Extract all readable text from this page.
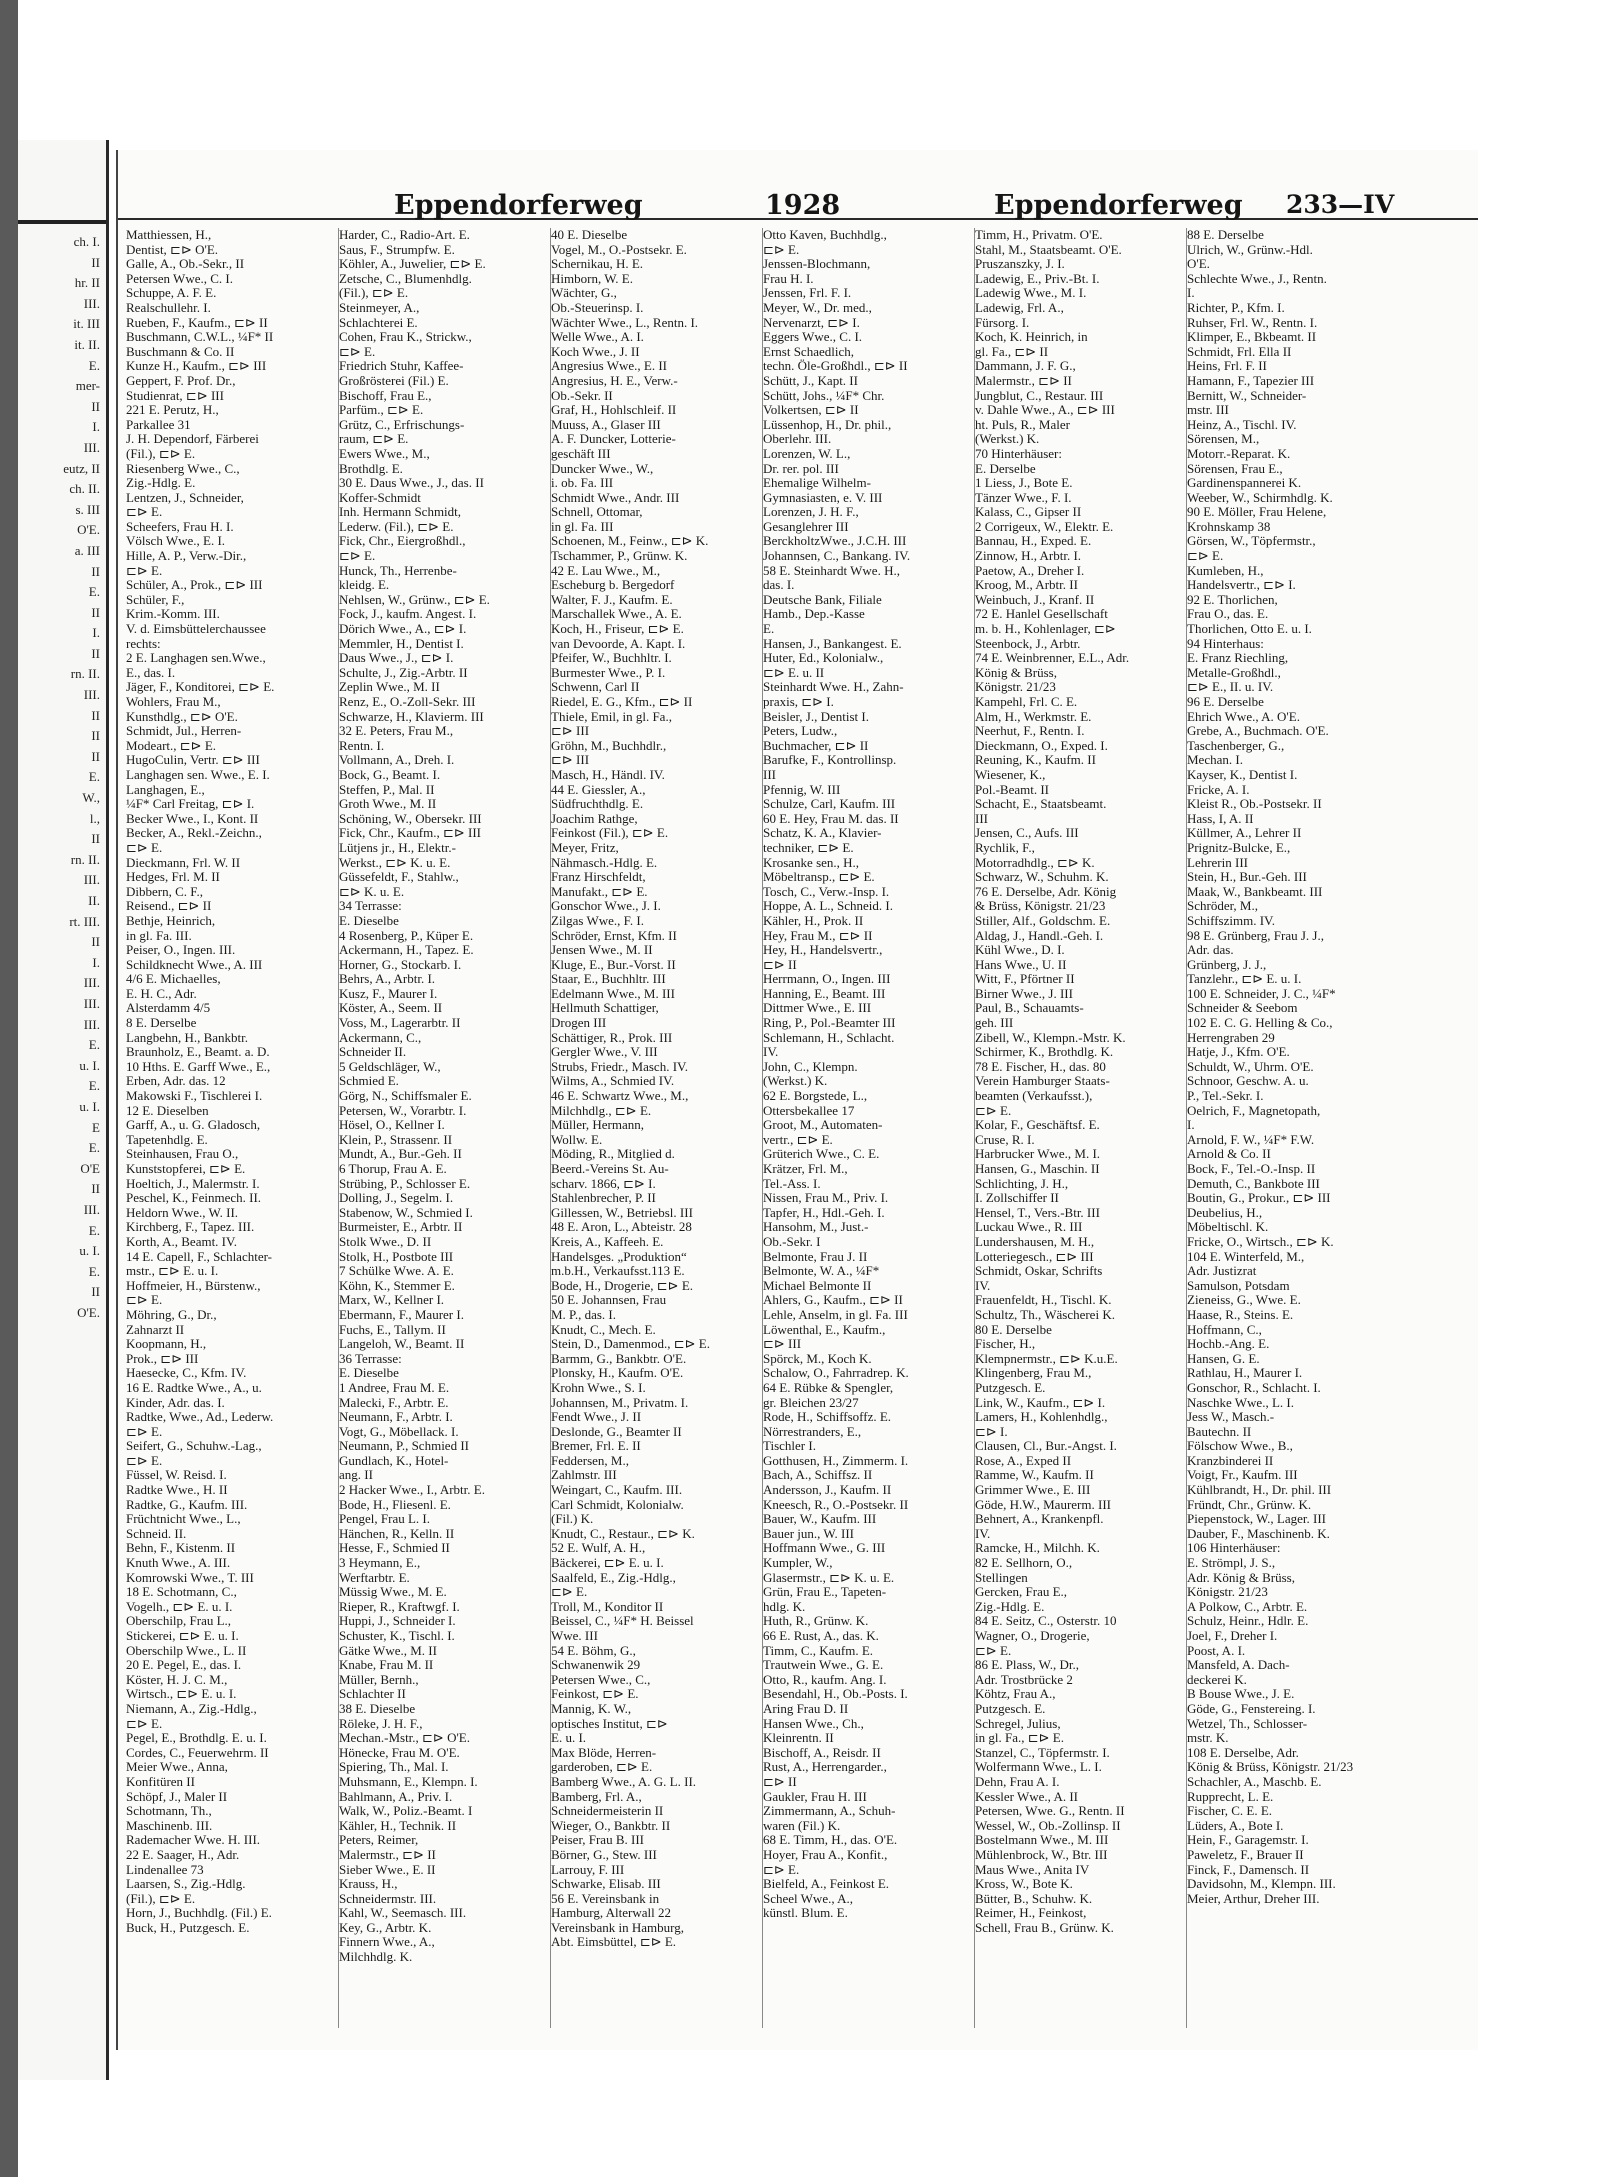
ch. I.
II
hr. II
III.
it. III
it. II.
E.
mer-
II
I.
III.
eutz, II
ch. II.
s. III
O'E.
a. III
II
E.
II
I.
II
rn. II.
III.
II
II
II
E.
W.,
l.,
II
rn. II.
III.
II.
rt. III.
II
I.
III.
III.
III.
E.
u. I.
E.
u. I.
E
E.
O'E
II
III.
E.
u. I.
E.
II
O'E.
Eppendorferweg	1928	Eppendorferweg 233—IV
Matthiessen, H.,
Dentist, ⊏⊳ O'E.
Galle, A., Ob.-Sekr., II
Petersen Wwe., C. I.
Schuppe, A. F. E.
Realschullehr. I.
Rueben, F., Kaufm., ⊏⊳ II
Buschmann, C.W.L., ¼F* II
Buschmann & Co. II
Kunze H., Kaufm., ⊏⊳ III
Geppert, F. Prof. Dr.,
Studienrat, ⊏⊳ III
221 E. Perutz, H.,
Parkallee 31
J. H. Dependorf, Färberei
(Fil.), ⊏⊳ E.
Riesenberg Wwe., C.,
Zig.-Hdlg. E.
Lentzen, J., Schneider,
⊏⊳ E.
Scheefers, Frau H. I.
Völsch Wwe., E. I.
Hille, A. P., Verw.-Dir.,
⊏⊳ E.
Schüler, A., Prok., ⊏⊳ III
Schüler, F.,
Krim.-Komm. III.
V. d. Eimsbüttelerchaussee
rechts:
2 E. Langhagen sen.Wwe.,
E., das. I.
Jäger, F., Konditorei, ⊏⊳ E.
Wohlers, Frau M.,
Kunsthdlg., ⊏⊳ O'E.
Schmidt, Jul., Herren-
Modeart., ⊏⊳ E.
HugoCulin, Vertr. ⊏⊳ III
Langhagen sen. Wwe., E. I.
Langhagen, E.,
¼F* Carl Freitag, ⊏⊳ I.
Becker Wwe., I., Kont. II
Becker, A., Rekl.-Zeichn.,
⊏⊳ E.
Dieckmann, Frl. W. II
Hedges, Frl. M. II
Dibbern, C. F.,
Reisend., ⊏⊳ II
Bethje, Heinrich,
in gl. Fa. III.
Peiser, O., Ingen. III.
Schildknecht Wwe., A. III
4/6 E. Michaelles,
E. H. C., Adr.
Alsterdamm 4/5
8 E. Derselbe
Langbehn, H., Bankbtr.
Braunholz, E., Beamt. a. D.
10 Hths. E. Garff Wwe., E.,
Erben, Adr. das. 12
Makowski F., Tischlerei I.
12 E. Dieselben
Garff, A., u. G. Gladosch,
Tapetenhdlg. E.
Steinhausen, Frau O.,
Kunststopferei, ⊏⊳ E.
Hoeltich, J., Malermstr. I.
Peschel, K., Feinmech. II.
Heldorn Wwe., W. II.
Kirchberg, F., Tapez. III.
Korth, A., Beamt. IV.
14 E. Capell, F., Schlachter-
mstr., ⊏⊳ E. u. I.
Hoffmeier, H., Bürstenw.,
⊏⊳ E.
Möhring, G., Dr.,
Zahnarzt II
Koopmann, H.,
Prok., ⊏⊳ III
Haesecke, C., Kfm. IV.
16 E. Radtke Wwe., A., u.
Kinder, Adr. das. I.
Radtke, Wwe., Ad., Lederw.
⊏⊳ E.
Seifert, G., Schuhw.-Lag.,
⊏⊳ E.
Füssel, W. Reisd. I.
Radtke Wwe., H. II
Radtke, G., Kaufm. III.
Früchtnicht Wwe., L.,
Schneid. II.
Behn, F., Kistenm. II
Knuth Wwe., A. III.
Komrowski Wwe., T. III
18 E. Schotmann, C.,
Vogelh., ⊏⊳ E. u. I.
Oberschilp, Frau L.,
Stickerei, ⊏⊳ E. u. I.
Oberschilp Wwe., L. II
20 E. Pegel, E., das. I.
Köster, H. J. C. M.,
Wirtsch., ⊏⊳ E. u. I.
Niemann, A., Zig.-Hdlg.,
⊏⊳ E.
Pegel, E., Brothdlg. E. u. I.
Cordes, C., Feuerwehrm. II
Meier Wwe., Anna,
Konfitüren II
Schöpf, J., Maler II
Schotmann, Th.,
Maschinenb. III.
Rademacher Wwe. H. III.
22 E. Saager, H., Adr.
Lindenallee 73
Laarsen, S., Zig.-Hdlg.
(Fil.), ⊏⊳ E.
Horn, J., Buchhdlg. (Fil.) E.
Buck, H., Putzgesch. E.
Harder, C., Radio-Art. E.
Saus, F., Strumpfw. E.
Köhler, A., Juwelier, ⊏⊳ E.
Zetsche, C., Blumenhdlg.
(Fil.), ⊏⊳ E.
Steinmeyer, A.,
Schlachterei E.
Cohen, Frau K., Strickw.,
⊏⊳ E.
Friedrich Stuhr, Kaffee-
Großrösterei (Fil.) E.
Bischoff, Frau E.,
Parfüm., ⊏⊳ E.
Grütz, C., Erfrischungs-
raum, ⊏⊳ E.
Ewers Wwe., M.,
Brothdlg. E.
30 E. Daus Wwe., J., das. II
Koffer-Schmidt
Inh. Hermann Schmidt,
Lederw. (Fil.), ⊏⊳ E.
Fick, Chr., Eiergroßhdl.,
⊏⊳ E.
Hunck, Th., Herrenbe-
kleidg. E.
Nehlsen, W., Grünw., ⊏⊳ E.
Fock, J., kaufm. Angest. I.
Dörich Wwe., A., ⊏⊳ I.
Memmler, H., Dentist I.
Daus Wwe., J., ⊏⊳ I.
Schulte, J., Zig.-Arbtr. II
Zeplin Wwe., M. II
Renz, E., O.-Zoll-Sekr. III
Schwarze, H., Klavierm. III
32 E. Peters, Frau M.,
Rentn. I.
Vollmann, A., Dreh. I.
Bock, G., Beamt. I.
Steffen, P., Mal. II
Groth Wwe., M. II
Schöning, W., Obersekr. III
Fick, Chr., Kaufm., ⊏⊳ III
Lütjens jr., H., Elektr.-
Werkst., ⊏⊳ K. u. E.
Güssefeldt, F., Stahlw.,
⊏⊳ K. u. E.
34 Terrasse:
E. Dieselbe
4 Rosenberg, P., Küper E.
Ackermann, H., Tapez. E.
Horner, G., Stockarb. I.
Behrs, A., Arbtr. I.
Kusz, F., Maurer I.
Köster, A., Seem. II
Voss, M., Lagerarbtr. II
Ackermann, C.,
Schneider II.
5 Geldschläger, W.,
Schmied E.
Görg, N., Schiffsmaler E.
Petersen, W., Vorarbtr. I.
Hösel, O., Kellner I.
Klein, P., Strassenr. II
Mundt, A., Bur.-Geh. II
6 Thorup, Frau A. E.
Strübing, P., Schlosser E.
Dolling, J., Segelm. I.
Stabenow, W., Schmied I.
Burmeister, E., Arbtr. II
Stolk Wwe., D. II
Stolk, H., Postbote III
7 Schülke Wwe. A. E.
Köhn, K., Stemmer E.
Marx, W., Kellner I.
Ebermann, F., Maurer I.
Fuchs, E., Tallym. II
Langeloh, W., Beamt. II
36 Terrasse:
E. Dieselbe
1 Andree, Frau M. E.
Malecki, F., Arbtr. E.
Neumann, F., Arbtr. I.
Vogt, G., Möbellack. I.
Neumann, P., Schmied II
Gundlach, K., Hotel-
ang. II
2 Hacker Wwe., I., Arbtr. E.
Bode, H., Fliesenl. E.
Pengel, Frau L. I.
Hänchen, R., Kelln. II
Hesse, F., Schmied II
3 Heymann, E.,
Werftarbtr. E.
Müssig Wwe., M. E.
Rieper, R., Kraftwgf. I.
Huppi, J., Schneider I.
Schuster, K., Tischl. I.
Gätke Wwe., M. II
Knabe, Frau M. II
Müller, Bernh.,
Schlachter II
38 E. Dieselbe
Röleke, J. H. F.,
Mechan.-Mstr., ⊏⊳ O'E.
Hönecke, Frau M. O'E.
Spiering, Th., Mal. I.
Muhsmann, E., Klempn. I.
Bahlmann, A., Priv. I.
Walk, W., Poliz.-Beamt. I
Kähler, H., Technik. II
Peters, Reimer,
Malermstr., ⊏⊳ II
Sieber Wwe., E. II
Krauss, H.,
Schneidermstr. III.
Kahl, W., Seemasch. III.
Key, G., Arbtr. K.
Finnern Wwe., A.,
Milchhdlg. K.
40 E. Dieselbe
Vogel, M., O.-Postsekr. E.
Schernikau, H. E.
Himborn, W. E.
Wächter, G.,
Ob.-Steuerinsp. I.
Wächter Wwe., L., Rentn. I.
Welle Wwe., A. I.
Koch Wwe., J. II
Angresius Wwe., E. II
Angresius, H. E., Verw.-
Ob.-Sekr. II
Graf, H., Hohlschleif. II
Muuss, A., Glaser III
A. F. Duncker, Lotterie-
geschäft III
Duncker Wwe., W.,
i. ob. Fa. III
Schmidt Wwe., Andr. III
Schnell, Ottomar,
in gl. Fa. III
Schoenen, M., Feinw., ⊏⊳ K.
Tschammer, P., Grünw. K.
42 E. Lau Wwe., M.,
Escheburg b. Bergedorf
Walter, F. J., Kaufm. E.
Marschallek Wwe., A. E.
Koch, H., Friseur, ⊏⊳ E.
van Devoorde, A. Kapt. I.
Pfeifer, W., Buchhltr. I.
Burmester Wwe., P. I.
Schwenn, Carl II
Riedel, E. G., Kfm., ⊏⊳ II
Thiele, Emil, in gl. Fa.,
⊏⊳ III
Gröhn, M., Buchhdlr.,
⊏⊳ III
Masch, H., Händl. IV.
44 E. Giessler, A.,
Südfruchthdlg. E.
Joachim Rathge,
Feinkost (Fil.), ⊏⊳ E.
Meyer, Fritz,
Nähmasch.-Hdlg. E.
Franz Hirschfeldt,
Manufakt., ⊏⊳ E.
Gonschor Wwe., J. I.
Zilgas Wwe., F. I.
Schröder, Ernst, Kfm. II
Jensen Wwe., M. II
Kluge, E., Bur.-Vorst. II
Staar, E., Buchhltr. III
Edelmann Wwe., M. III
Hellmuth Schattiger,
Drogen III
Schättiger, R., Prok. III
Gergler Wwe., V. III
Strubs, Friedr., Masch. IV.
Wilms, A., Schmied IV.
46 E. Schwartz Wwe., M.,
Milchhdlg., ⊏⊳ E.
Müller, Hermann,
Wollw. E.
Möding, R., Mitglied d.
Beerd.-Vereins St. Au-
scharv. 1866, ⊏⊳ I.
Stahlenbrecher, P. II
Gillessen, W., Betriebsl. III
48 E. Aron, L., Abteistr. 28
Kreis, A., Kaffeeh. E.
Handelsges. „Produktion“
m.b.H., Verkaufsst.113 E.
Bode, H., Drogerie, ⊏⊳ E.
50 E. Johannsen, Frau
M. P., das. I.
Knudt, C., Mech. E.
Stein, D., Damenmod., ⊏⊳ E.
Barmm, G., Bankbtr. O'E.
Plonsky, H., Kaufm. O'E.
Krohn Wwe., S. I.
Johannsen, M., Privatm. I.
Fendt Wwe., J. II
Deslonde, G., Beamter II
Bremer, Frl. E. II
Feddersen, M.,
Zahlmstr. III
Weingart, C., Kaufm. III.
Carl Schmidt, Kolonialw.
(Fil.) K.
Knudt, C., Restaur., ⊏⊳ K.
52 E. Wulf, A. H.,
Bäckerei, ⊏⊳ E. u. I.
Saalfeld, E., Zig.-Hdlg.,
⊏⊳ E.
Troll, M., Konditor II
Beissel, C., ¼F* H. Beissel
Wwe. III
54 E. Böhm, G.,
Schwanenwik 29
Petersen Wwe., C.,
Feinkost, ⊏⊳ E.
Mannig, K. W.,
optisches Institut, ⊏⊳
E. u. I.
Max Blöde, Herren-
garderoben, ⊏⊳ E.
Bamberg Wwe., A. G. L. II.
Bamberg, Frl. A.,
Schneidermeisterin II
Wieger, O., Bankbtr. II
Peiser, Frau B. III
Börner, G., Stew. III
Larrouy, F. III
Schwarke, Elisab. III
56 E. Vereinsbank in
Hamburg, Alterwall 22
Vereinsbank in Hamburg,
Abt. Eimsbüttel, ⊏⊳ E.
Otto Kaven, Buchhdlg.,
⊏⊳ E.
Jenssen-Blochmann,
Frau H. I.
Jenssen, Frl. F. I.
Meyer, W., Dr. med.,
Nervenarzt, ⊏⊳ I.
Eggers Wwe., C. I.
Ernst Schaedlich,
techn. Öle-Großhdl., ⊏⊳ II
Schütt, J., Kapt. II
Schütt, Johs., ¼F* Chr.
Volkertsen, ⊏⊳ II
Lüssenhop, H., Dr. phil.,
Oberlehr. III.
Lorenzen, W. L.,
Dr. rer. pol. III
Ehemalige Wilhelm-
Gymnasiasten, e. V. III
Lorenzen, J. H. F.,
Gesanglehrer III
BerckholtzWwe., J.C.H. III
Johannsen, C., Bankang. IV.
58 E. Steinhardt Wwe. H.,
das. I.
Deutsche Bank, Filiale
Hamb., Dep.-Kasse
E.
Hansen, J., Bankangest. E.
Huter, Ed., Kolonialw.,
⊏⊳ E. u. II
Steinhardt Wwe. H., Zahn-
praxis, ⊏⊳ I.
Beisler, J., Dentist I.
Peters, Ludw.,
Buchmacher, ⊏⊳ II
Barufke, F., Kontrollinsp.
III
Pfennig, W. III
Schulze, Carl, Kaufm. III
60 E. Hey, Frau M. das. II
Schatz, K. A., Klavier-
techniker, ⊏⊳ E.
Krosanke sen., H.,
Möbeltransp., ⊏⊳ E.
Tosch, C., Verw.-Insp. I.
Hoppe, A. L., Schneid. I.
Kähler, H., Prok. II
Hey, Frau M., ⊏⊳ II
Hey, H., Handelsvertr.,
⊏⊳ II
Herrmann, O., Ingen. III
Hanning, E., Beamt. III
Dittmer Wwe., E. III
Ring, P., Pol.-Beamter III
Schlemann, H., Schlacht.
IV.
John, C., Klempn.
(Werkst.) K.
62 E. Borgstede, L.,
Ottersbekallee 17
Groot, M., Automaten-
vertr., ⊏⊳ E.
Grüterich Wwe., C. E.
Krätzer, Frl. M.,
Tel.-Ass. I.
Nissen, Frau M., Priv. I.
Tapfer, H., Hdl.-Geh. I.
Hansohm, M., Just.-
Ob.-Sekr. I
Belmonte, Frau J. II
Belmonte, W. A., ¼F*
Michael Belmonte II
Ahlers, G., Kaufm., ⊏⊳ II
Lehle, Anselm, in gl. Fa. III
Löwenthal, E., Kaufm.,
⊏⊳ III
Spörck, M., Koch K.
Schalow, O., Fahrradrep. K.
64 E. Rübke & Spengler,
gr. Bleichen 23/27
Rode, H., Schiffsoffz. E.
Nörrestranders, E.,
Tischler I.
Gotthusen, H., Zimmerm. I.
Bach, A., Schiffsz. II
Andersson, J., Kaufm. II
Kneesch, R., O.-Postsekr. II
Bauer, W., Kaufm. III
Bauer jun., W. III
Hoffmann Wwe., G. III
Kumpler, W.,
Glasermstr., ⊏⊳ K. u. E.
Grün, Frau E., Tapeten-
hdlg. K.
Huth, R., Grünw. K.
66 E. Rust, A., das. K.
Timm, C., Kaufm. E.
Trautwein Wwe., G. E.
Otto, R., kaufm. Ang. I.
Besendahl, H., Ob.-Posts. I.
Aring Frau D. II
Hansen Wwe., Ch.,
Kleinrentn. II
Bischoff, A., Reisdr. II
Rust, A., Herrengarder.,
⊏⊳ II
Gaukler, Frau H. III
Zimmermann, A., Schuh-
waren (Fil.) K.
68 E. Timm, H., das. O'E.
Hoyer, Frau A., Konfit.,
⊏⊳ E.
Bielfeld, A., Feinkost E.
Scheel Wwe., A.,
künstl. Blum. E.
Timm, H., Privatm. O'E.
Stahl, M., Staatsbeamt. O'E.
Pruszanszky, J. I.
Ladewig, E., Priv.-Bt. I.
Ladewig Wwe., M. I.
Ladewig, Frl. A.,
Fürsorg. I.
Koch, K. Heinrich, in
gl. Fa., ⊏⊳ II
Dammann, J. F. G.,
Malermstr., ⊏⊳ II
Jungblut, C., Restaur. III
v. Dahle Wwe., A., ⊏⊳ III
ht. Puls, R., Maler
(Werkst.) K.
70 Hinterhäuser:
E. Derselbe
1 Liess, J., Bote E.
Tänzer Wwe., F. I.
Kalass, C., Gipser II
2 Corrigeux, W., Elektr. E.
Bannau, H., Exped. E.
Zinnow, H., Arbtr. I.
Paetow, A., Dreher I.
Kroog, M., Arbtr. II
Weinbuch, J., Kranf. II
72 E. Hanlel Gesellschaft
m. b. H., Kohlenlager, ⊏⊳
Steenbock, J., Arbtr.
74 E. Weinbrenner, E.L., Adr.
König & Brüss,
Königstr. 21/23
Kampehl, Frl. C. E.
Alm, H., Werkmstr. E.
Neerhut, F., Rentn. I.
Dieckmann, O., Exped. I.
Reuning, K., Kaufm. II
Wiesener, K.,
Pol.-Beamt. II
Schacht, E., Staatsbeamt.
III
Jensen, C., Aufs. III
Rychlik, F.,
Motorradhdlg., ⊏⊳ K.
Schwarz, W., Schuhm. K.
76 E. Derselbe, Adr. König
& Brüss, Königstr. 21/23
Stiller, Alf., Goldschm. E.
Aldag, J., Handl.-Geh. I.
Kühl Wwe., D. I.
Hans Wwe., U. II
Witt, F., Pförtner II
Birner Wwe., J. III
Paul, B., Schauamts-
geh. III
Zibell, W., Klempn.-Mstr. K.
Schirmer, K., Brothdlg. K.
78 E. Fischer, H., das. 80
Verein Hamburger Staats-
beamten (Verkaufsst.),
⊏⊳ E.
Kolar, F., Geschäftsf. E.
Cruse, R. I.
Harbrucker Wwe., M. I.
Hansen, G., Maschin. II
Schlichting, J. H.,
I. Zollschiffer II
Hensel, T., Vers.-Btr. III
Luckau Wwe., R. III
Lundershausen, M. H.,
Lotteriegesch., ⊏⊳ III
Schmidt, Oskar, Schrifts
IV.
Frauenfeldt, H., Tischl. K.
Schultz, Th., Wäscherei K.
80 E. Derselbe
Fischer, H.,
Klempnermstr., ⊏⊳ K.u.E.
Klingenberg, Frau M.,
Putzgesch. E.
Link, W., Kaufm., ⊏⊳ I.
Lamers, H., Kohlenhdlg.,
⊏⊳ I.
Clausen, Cl., Bur.-Angst. I.
Rose, A., Exped II
Ramme, W., Kaufm. II
Grimmer Wwe., E. III
Göde, H.W., Maurerm. III
Behnert, A., Krankenpfl.
IV.
Ramcke, H., Milchh. K.
82 E. Sellhorn, O.,
Stellingen
Gercken, Frau E.,
Zig.-Hdlg. E.
84 E. Seitz, C., Osterstr. 10
Wagner, O., Drogerie,
⊏⊳ E.
86 E. Plass, W., Dr.,
Adr. Trostbrücke 2
Köhtz, Frau A.,
Putzgesch. E.
Schregel, Julius,
in gl. Fa., ⊏⊳ E.
Stanzel, C., Töpfermstr. I.
Wolfermann Wwe., L. I.
Dehn, Frau A. I.
Kessler Wwe., A. II
Petersen, Wwe. G., Rentn. II
Wessel, W., Ob.-Zollinsp. II
Bostelmann Wwe., M. III
Mühlenbrock, W., Btr. III
Maus Wwe., Anita IV
Kross, W., Bote K.
Bütter, B., Schuhw. K.
Reimer, H., Feinkost,
Schell, Frau B., Grünw. K.
88 E. Derselbe
Ulrich, W., Grünw.-Hdl.
O'E.
Schlechte Wwe., J., Rentn.
I.
Richter, P., Kfm. I.
Ruhser, Frl. W., Rentn. I.
Klimper, E., Bkbeamt. II
Schmidt, Frl. Ella II
Heins, Frl. F. II
Hamann, F., Tapezier III
Bernitt, W., Schneider-
mstr. III
Heinz, A., Tischl. IV.
Sörensen, M.,
Motorr.-Reparat. K.
Sörensen, Frau E.,
Gardinenspannerei K.
Weeber, W., Schirmhdlg. K.
90 E. Möller, Frau Helene,
Krohnskamp 38
Görsen, W., Töpfermstr.,
⊏⊳ E.
Kumleben, H.,
Handelsvertr., ⊏⊳ I.
92 E. Thorlichen,
Frau O., das. E.
Thorlichen, Otto E. u. I.
94 Hinterhaus:
E. Franz Riechling,
Metalle-Großhdl.,
⊏⊳ E., II. u. IV.
96 E. Derselbe
Ehrich Wwe., A. O'E.
Grebe, A., Buchmach. O'E.
Taschenberger, G.,
Mechan. I.
Kayser, K., Dentist I.
Fricke, A. I.
Kleist R., Ob.-Postsekr. II
Hass, I, A. II
Küllmer, A., Lehrer II
Prignitz-Bulcke, E.,
Lehrerin III
Stein, H., Bur.-Geh. III
Maak, W., Bankbeamt. III
Schröder, M.,
Schiffszimm. IV.
98 E. Grünberg, Frau J. J.,
Adr. das.
Grünberg, J. J.,
Tanzlehr., ⊏⊳ E. u. I.
100 E. Schneider, J. C., ¼F*
Schneider & Seebom
102 E. C. G. Helling & Co.,
Herrengraben 29
Hatje, J., Kfm. O'E.
Schuldt, W., Uhrm. O'E.
Schnoor, Geschw. A. u.
P., Tel.-Sekr. I.
Oelrich, F., Magnetopath,
I.
Arnold, F. W., ¼F* F.W.
Arnold & Co. II
Bock, F., Tel.-O.-Insp. II
Demuth, C., Bankbote III
Boutin, G., Prokur., ⊏⊳ III
Deubelius, H.,
Möbeltischl. K.
Fricke, O., Wirtsch., ⊏⊳ K.
104 E. Winterfeld, M.,
Adr. Justizrat
Samulson, Potsdam
Zieneiss, G., Wwe. E.
Haase, R., Steins. E.
Hoffmann, C.,
Hochb.-Ang. E.
Hansen, G. E.
Rathlau, H., Maurer I.
Gonschor, R., Schlacht. I.
Naschke Wwe., L. I.
Jess W., Masch.-
Bautechn. II
Fölschow Wwe., B.,
Kranzbinderei II
Voigt, Fr., Kaufm. III
Kühlbrandt, H., Dr. phil. III
Fründt, Chr., Grünw. K.
Piepenstock, W., Lager. III
Dauber, F., Maschinenb. K.
106 Hinterhäuser:
E. Strömpl, J. S.,
Adr. König & Brüss,
Königstr. 21/23
A Polkow, C., Arbtr. E.
Schulz, Heinr., Hdlr. E.
Joel, F., Dreher I.
Poost, A. I.
Mansfeld, A. Dach-
deckerei K.
B Bouse Wwe., J. E.
Göde, G., Fenstereing. I.
Wetzel, Th., Schlosser-
mstr. K.
108 E. Derselbe, Adr.
König & Brüss, Königstr. 21/23
Schachler, A., Maschb. E.
Rupprecht, L. E.
Fischer, C. E. E.
Lüders, A., Bote I.
Hein, F., Garagemstr. I.
Paweletz, F., Brauer II
Finck, F., Damensch. II
Davidsohn, M., Klempn. III.
Meier, Arthur, Dreher III.
